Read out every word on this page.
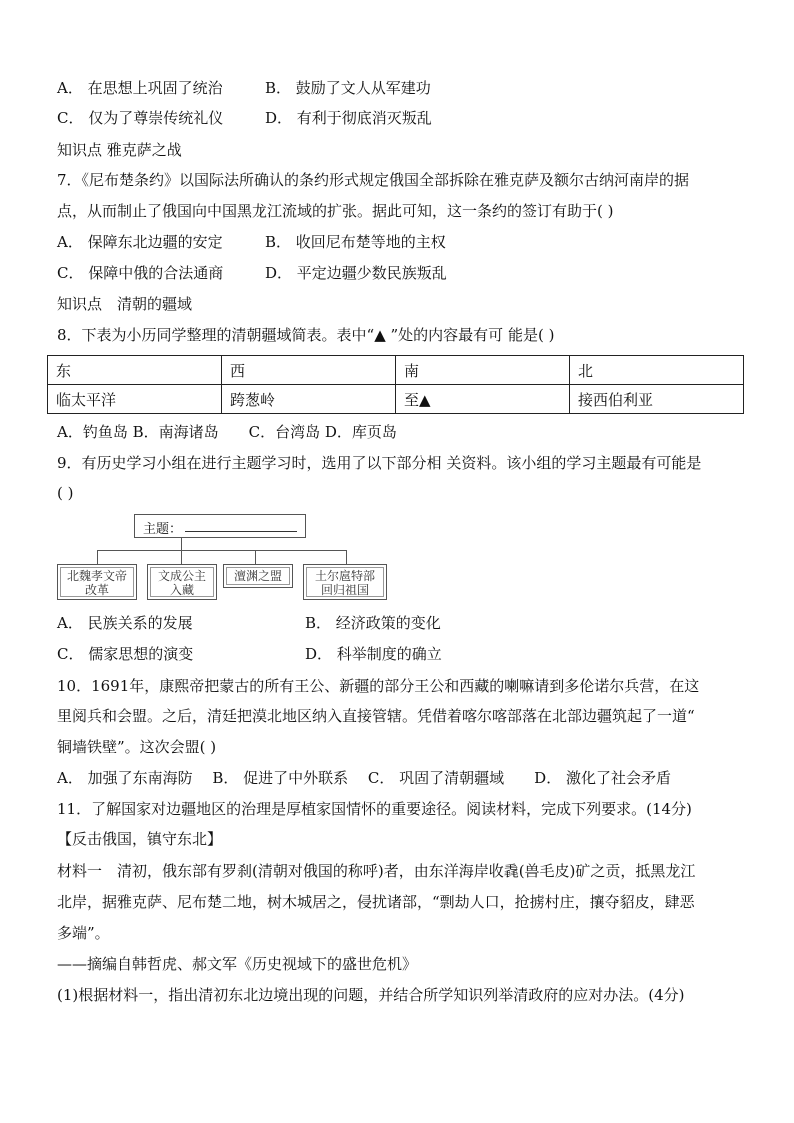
A． 在思想上巩固了统治	B． 鼓励了文人从军建功
C． 仅为了尊崇传统礼仪	D． 有利于彻底消灭叛乱
知识点 雅克萨之战
7．《尼布楚条约》以国际法所确认的条约形式规定俄国全部拆除在雅克萨及额尔古纳河南岸的据
点，从而制止了俄国向中国黑龙江流域的扩张。据此可知，这一条约的签订有助于( )
A． 保障东北边疆的安定	B． 收回尼布楚等地的主权
C． 保障中俄的合法通商	D． 平定边疆少数民族叛乱
知识点　清朝的疆域
8．下表为小历同学整理的清朝疆域简表。表中“▲ ”处的内容最有可 能是( )
东	西	南	北
临太平洋	跨葱岭	至▲	接西伯利亚
A．钓鱼岛 B．南海诸岛　　C．台湾岛 D．库页岛
9．有历史学习小组在进行主题学习时，选用了以下部分相 关资料。该小组的学习主题最有可能是
( )
主题：
北魏孝文帝
改革
文成公主
入藏
澶渊之盟	土尔扈特部
回归祖国
A． 民族关系的发展	B． 经济政策的变化
C． 儒家思想的演变	D． 科举制度的确立
10．1691年，康熙帝把蒙古的所有王公、新疆的部分王公和西藏的喇嘛请到多伦诺尔兵营，在这
里阅兵和会盟。之后，清廷把漠北地区纳入直接管辖。凭借着喀尔喀部落在北部边疆筑起了一道“
铜墙铁壁”。这次会盟( )
A． 加强了东南海防　 B． 促进了中外联系　 C． 巩固了清朝疆域　　D． 激化了社会矛盾
11．了解国家对边疆地区的治理是厚植家国情怀的重要途径。阅读材料，完成下列要求。(14分)
【反击俄国，镇守东北】
材料一　清初，俄东部有罗刹(清朝对俄国的称呼)者，由东洋海岸收毳(兽毛皮)矿之贡，抵黑龙江
北岸，据雅克萨、尼布楚二地，树木城居之，侵扰诸部，“剽劫人口，抢掳村庄，攘夺貂皮，肆恶
多端”。
——摘编自韩哲虎、郝文军《历史视域下的盛世危机》
(1)根据材料一，指出清初东北边境出现的问题，并结合所学知识列举清政府的应对办法。(4分)
